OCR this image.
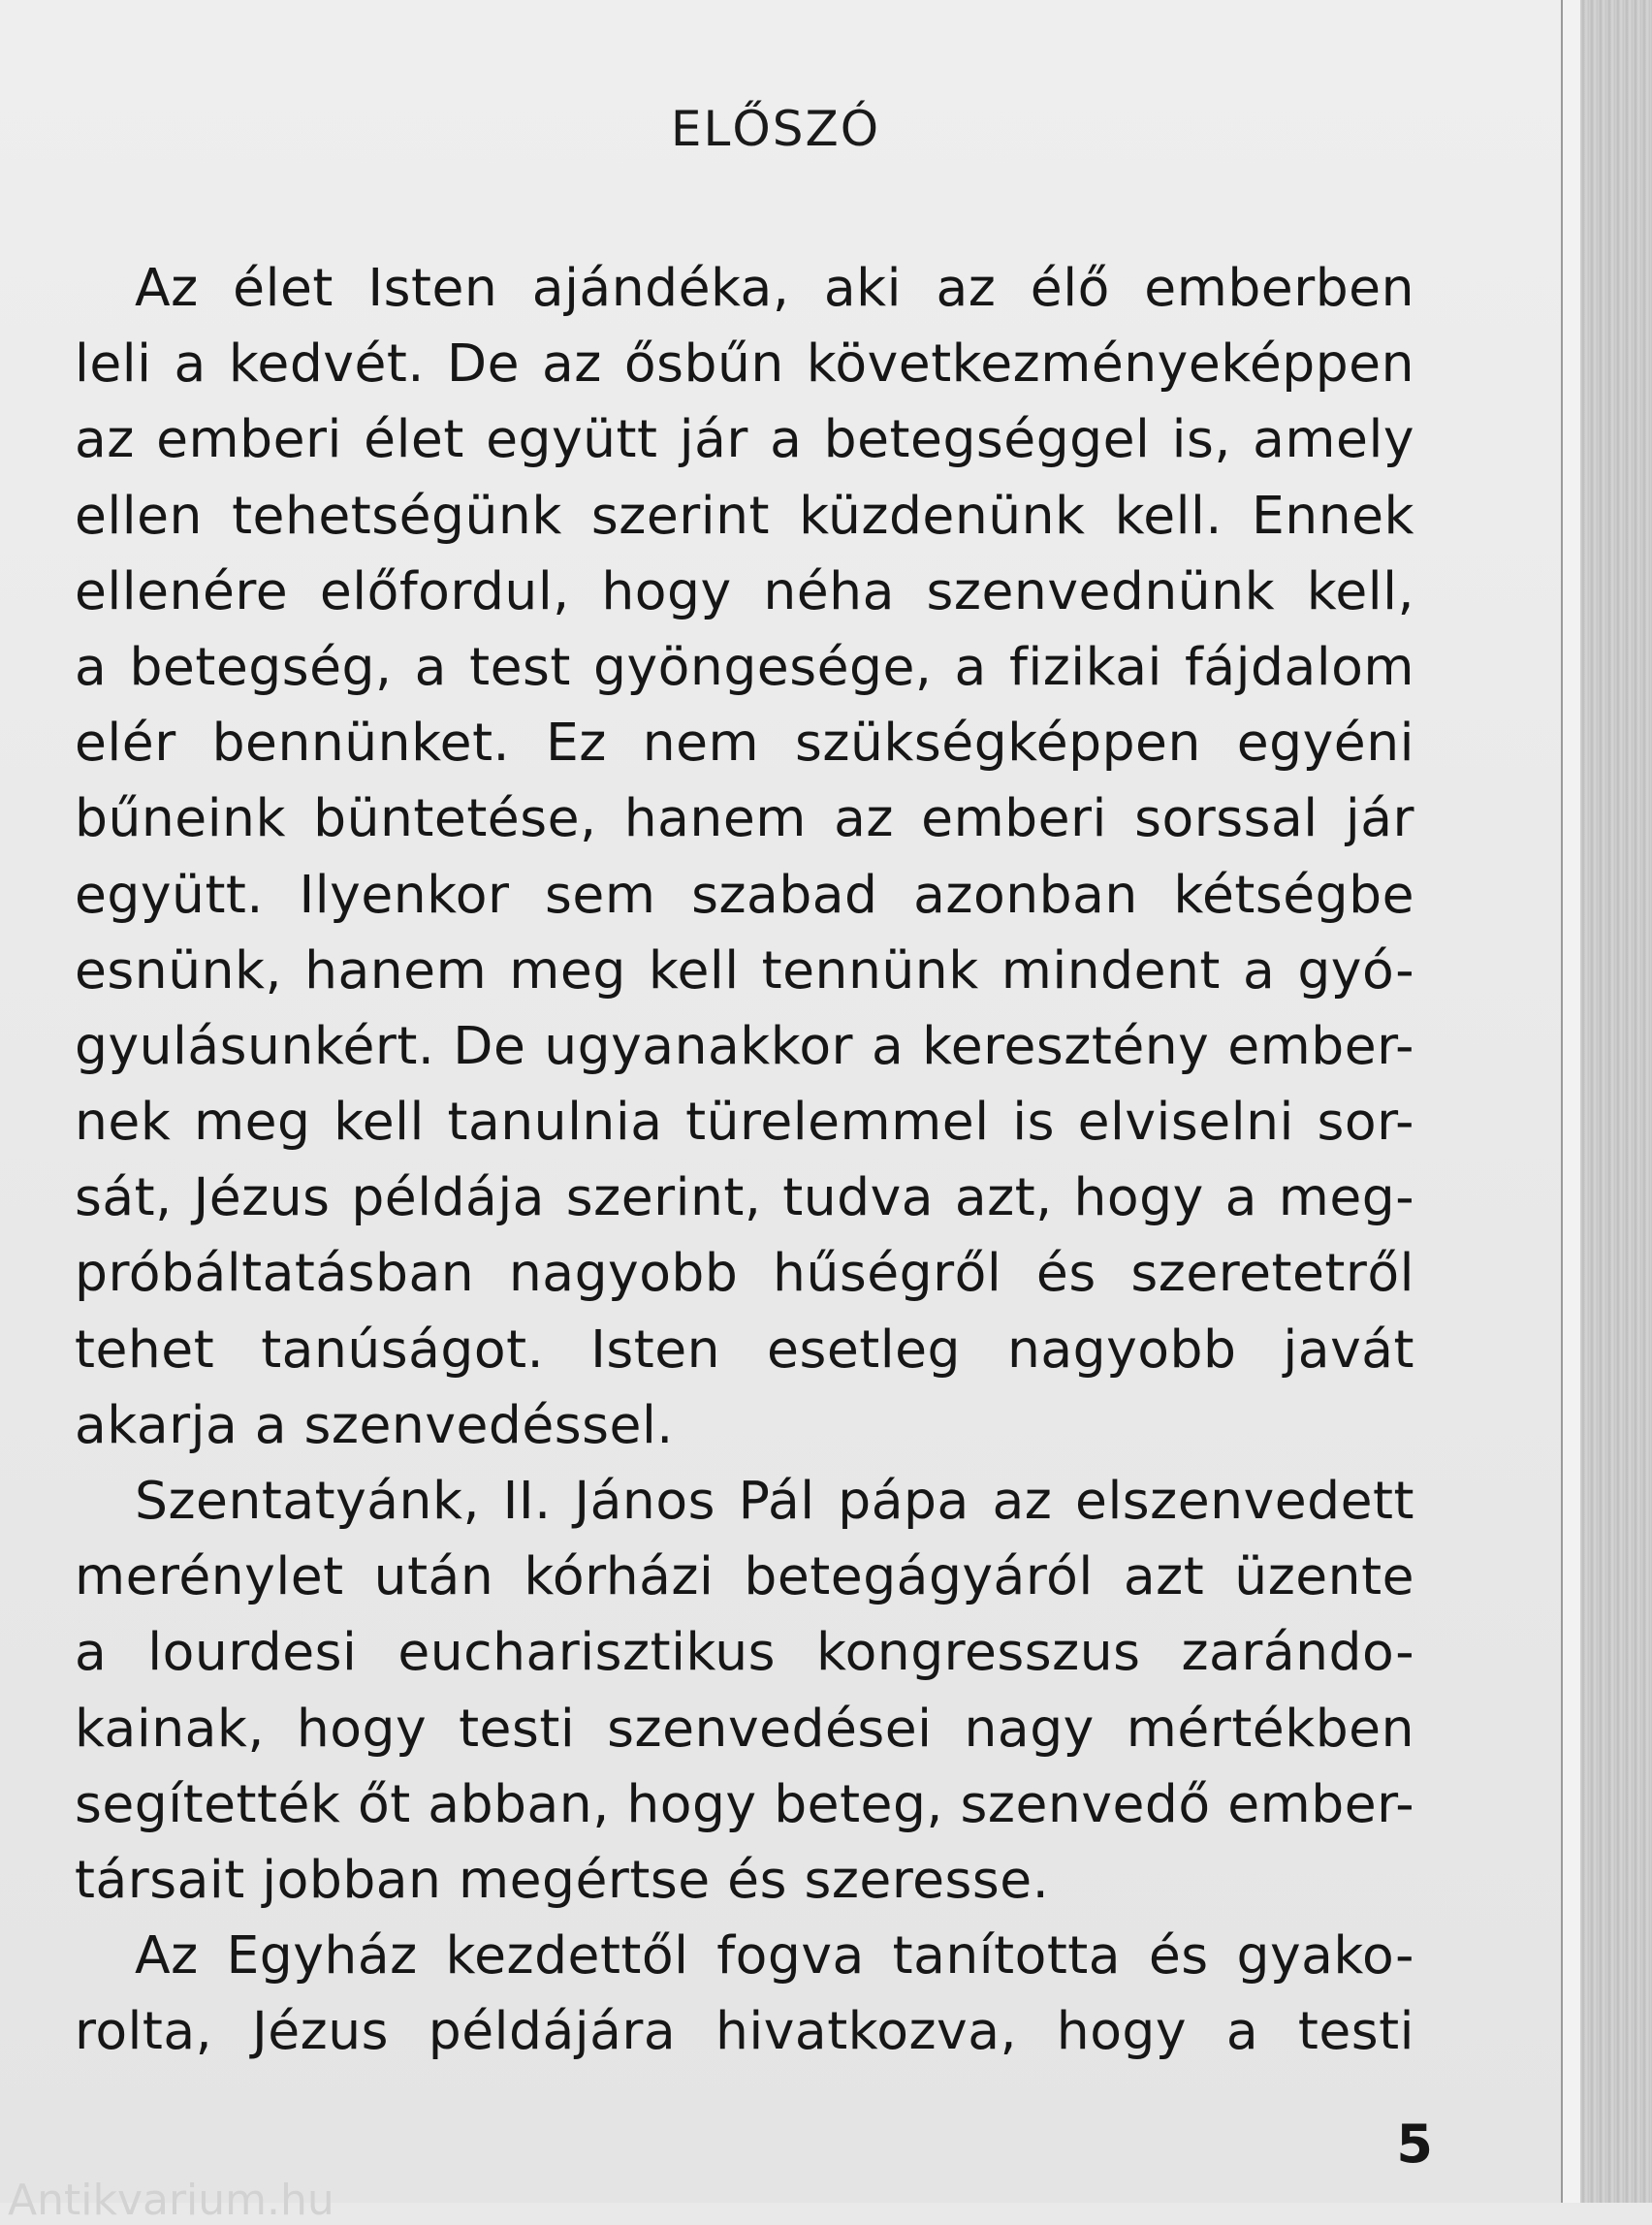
ELŐSZÓ
Az élet Isten ajándéka, aki az élő emberben
leli a kedvét. De az ősbűn következményeképpen
az emberi élet együtt jár a betegséggel is, amely
ellen tehetségünk szerint küzdenünk kell. Ennek
ellenére előfordul, hogy néha szenvednünk kell,
a betegség, a test gyöngesége, a fizikai fájdalom
elér bennünket. Ez nem szükségképpen egyéni
bűneink büntetése, hanem az emberi sorssal jár
együtt. Ilyenkor sem szabad azonban kétségbe
esnünk, hanem meg kell tennünk mindent a gyó-
gyulásunkért. De ugyanakkor a keresztény ember-
nek meg kell tanulnia türelemmel is elviselni sor-
sát, Jézus példája szerint, tudva azt, hogy a meg-
próbáltatásban nagyobb hűségről és szeretetről
tehet tanúságot. Isten esetleg nagyobb javát
akarja a szenvedéssel.
Szentatyánk, II. János Pál pápa az elszenvedett
merénylet után kórházi betegágyáról azt üzente
a lourdesi eucharisztikus kongresszus zarándo-
kainak, hogy testi szenvedései nagy mértékben
segítették őt abban, hogy beteg, szenvedő ember-
társait jobban megértse és szeresse.
Az Egyház kezdettől fogva tanította és gyako-
rolta, Jézus példájára hivatkozva, hogy a testi
5
Antikvarium.hu
